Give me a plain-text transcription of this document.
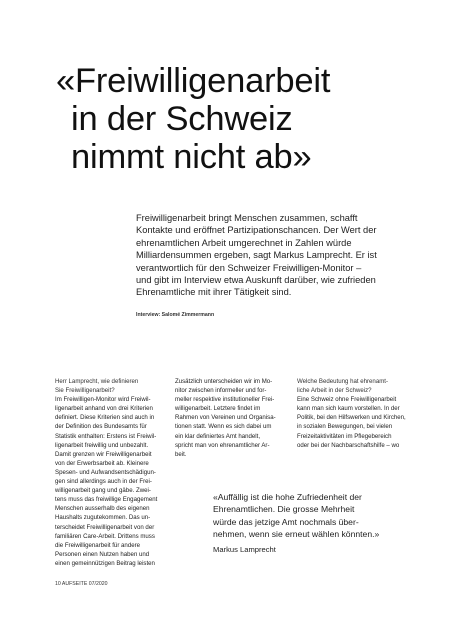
«Freiwilligenarbeit
in der Schweiz
nimmt nicht ab»

Freiwilligenarbeit bringt Menschen zusammen, schafft
Kontakte und eröffnet Partizipationschancen. Der Wert der
ehrenamtlichen Arbeit umgerechnet in Zahlen würde
Milliardensummen ergeben, sagt Markus Lamprecht. Er ist
verantwortlich für den Schweizer Freiwilligen-Monitor –
und gibt im Interview etwa Auskunft darüber, wie zufrieden
Ehrenamtliche mit ihrer Tätigkeit sind.

Interview: Salomé Zimmermann
Herr Lamprecht, wie definieren
Sie Freiwilligenarbeit?
Im Freiwilligen-Monitor wird Freiwil-
ligenarbeit anhand von drei Kriterien
definiert. Diese Kriterien sind auch in
der Definition des Bundesamts für
Statistik enthalten: Erstens ist Freiwil-
ligenarbeit freiwillig und unbezahlt.
Damit grenzen wir Freiwilligenarbeit
von der Erwerbsarbeit ab. Kleinere
Spesen- und Aufwandsentschädigun-
gen sind allerdings auch in der Frei-
willigenarbeit gang und gäbe. Zwei-
tens muss das freiwillige Engagement
Menschen ausserhalb des eigenen
Haushalts zugutekommen. Das un-
terscheidet Freiwilligenarbeit von der
familiären Care-Arbeit. Drittens muss
die Freiwilligenarbeit für andere
Personen einen Nutzen haben und
einen gemeinnützigen Beitrag leisten
Zusätzlich unterscheiden wir im Mo-
nitor zwischen informeller und for-
meller respektive institutioneller Frei-
willigenarbeit. Letztere findet im
Rahmen von Vereinen und Organisa-
tionen statt. Wenn es sich dabei um
ein klar definiertes Amt handelt,
spricht man von ehrenamtlicher Ar-
beit.
Welche Bedeutung hat ehrenamt-
liche Arbeit in der Schweiz?
Eine Schweiz ohne Freiwilligenarbeit
kann man sich kaum vorstellen. In der
Politik, bei den Hilfswerken und Kirchen,
in sozialen Bewegungen, bei vielen
Freizeitaktivitäten im Pflegebereich
oder bei der Nachbarschaftshilfe – wo
«Auffällig ist die hohe Zufriedenheit der
Ehrenamtlichen. Die grosse Mehrheit
würde das jetzige Amt nochmals über-
nehmen, wenn sie erneut wählen könnten.»
Markus Lamprecht
10 AUFSEITE 07/2020
